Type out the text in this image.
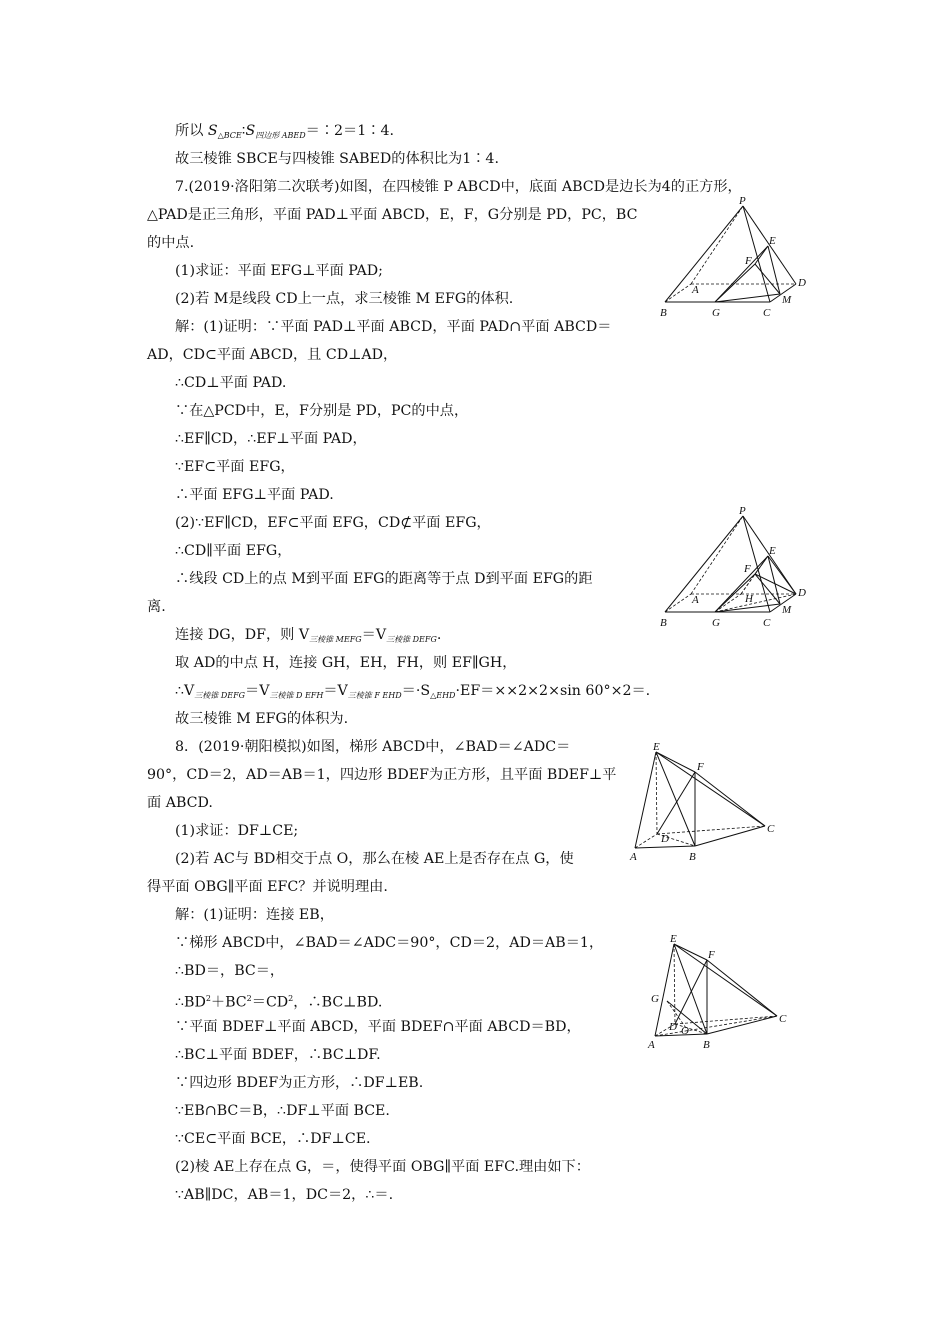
所以 $S_{\triangle BCE}∶S_{四边形 ABED}=∶2=1∶4$.
故三棱锥 SBCE与四棱锥 SABED的体积比为1∶4.
7.(2019·洛阳第二次联考)如图，在四棱锥 P ABCD中，底面 ABCD是边长为4的正方形，
△PAD是正三角形，平面 PAD⊥平面 ABCD，E，F，G分别是 PD，PC，BC
的中点.
(1)求证：平面 EFG⊥平面 PAD;
(2)若 M是线段 CD上一点，求三棱锥 M EFG的体积.
解：(1)证明：∵平面 PAD⊥平面 ABCD，平面 PAD∩平面 ABCD＝
AD，CD⊂平面 ABCD，且 CD⊥AD，
∴CD⊥平面 PAD.
∵在△PCD中，E，F分别是 PD，PC的中点，
∴EF∥CD，∴EF⊥平面 PAD，
∵EF⊂平面 EFG，
∴平面 EFG⊥平面 PAD.
(2)∵EF∥CD，EF⊂平面 EFG，CD⊄平面 EFG，
∴CD∥平面 EFG，
∴线段 CD上的点 M到平面 EFG的距离等于点 D到平面 EFG的距
离.
连接 DG，DF，则 $V_{三棱锥 MEFG}=V_{三棱锥 DEFG}$.
取 AD的中点 H，连接 GH，EH，FH，则 EF∥GH，
$\therefore V_{三棱锥 DEFG}=V_{三棱锥 D EFH}=V_{三棱锥 F EHD}=\cdot S_{\triangle EHD}\cdot EF=\times\times 2\times 2\times\sin$ 60°×2＝.
故三棱锥 M EFG的体积为.
8．(2019·朝阳模拟)如图，梯形 ABCD中，∠BAD＝∠ADC＝
90°，CD＝2，AD＝AB＝1，四边形 BDEF为正方形，且平面 BDEF⊥平
面 ABCD.
(1)求证：DF⊥CE;
(2)若 AC与 BD相交于点 O，那么在棱 AE上是否存在点 G，使
得平面 OBG∥平面 EFC？并说明理由.
解：(1)证明：连接 EB，
∵梯形 ABCD中，∠BAD＝∠ADC＝90°，CD＝2，AD＝AB＝1，
∴BD＝，BC＝，
$\therefore BD^2+BC^2=CD^2$，∴BC⊥BD.
∵平面 BDEF⊥平面 ABCD，平面 BDEF∩平面 ABCD＝BD，
∴BC⊥平面 BDEF，∴BC⊥DF.
∵四边形 BDEF为正方形，∴DF⊥EB.
∵EB∩BC＝B，∴DF⊥平面 BCE.
∵CE⊂平面 BCE，∴DF⊥CE.
(2)棱 AE上存在点 G，＝，使得平面 OBG∥平面 EFC.理由如下：
∵AB∥DC，AB＝1，DC＝2，∴＝.
P
E
F
A
D
M
B	G	C
P
E
F
H
A
D
M
B	G	C
E
F
D
A	B
C
E
F
G
D O
A	B
C
